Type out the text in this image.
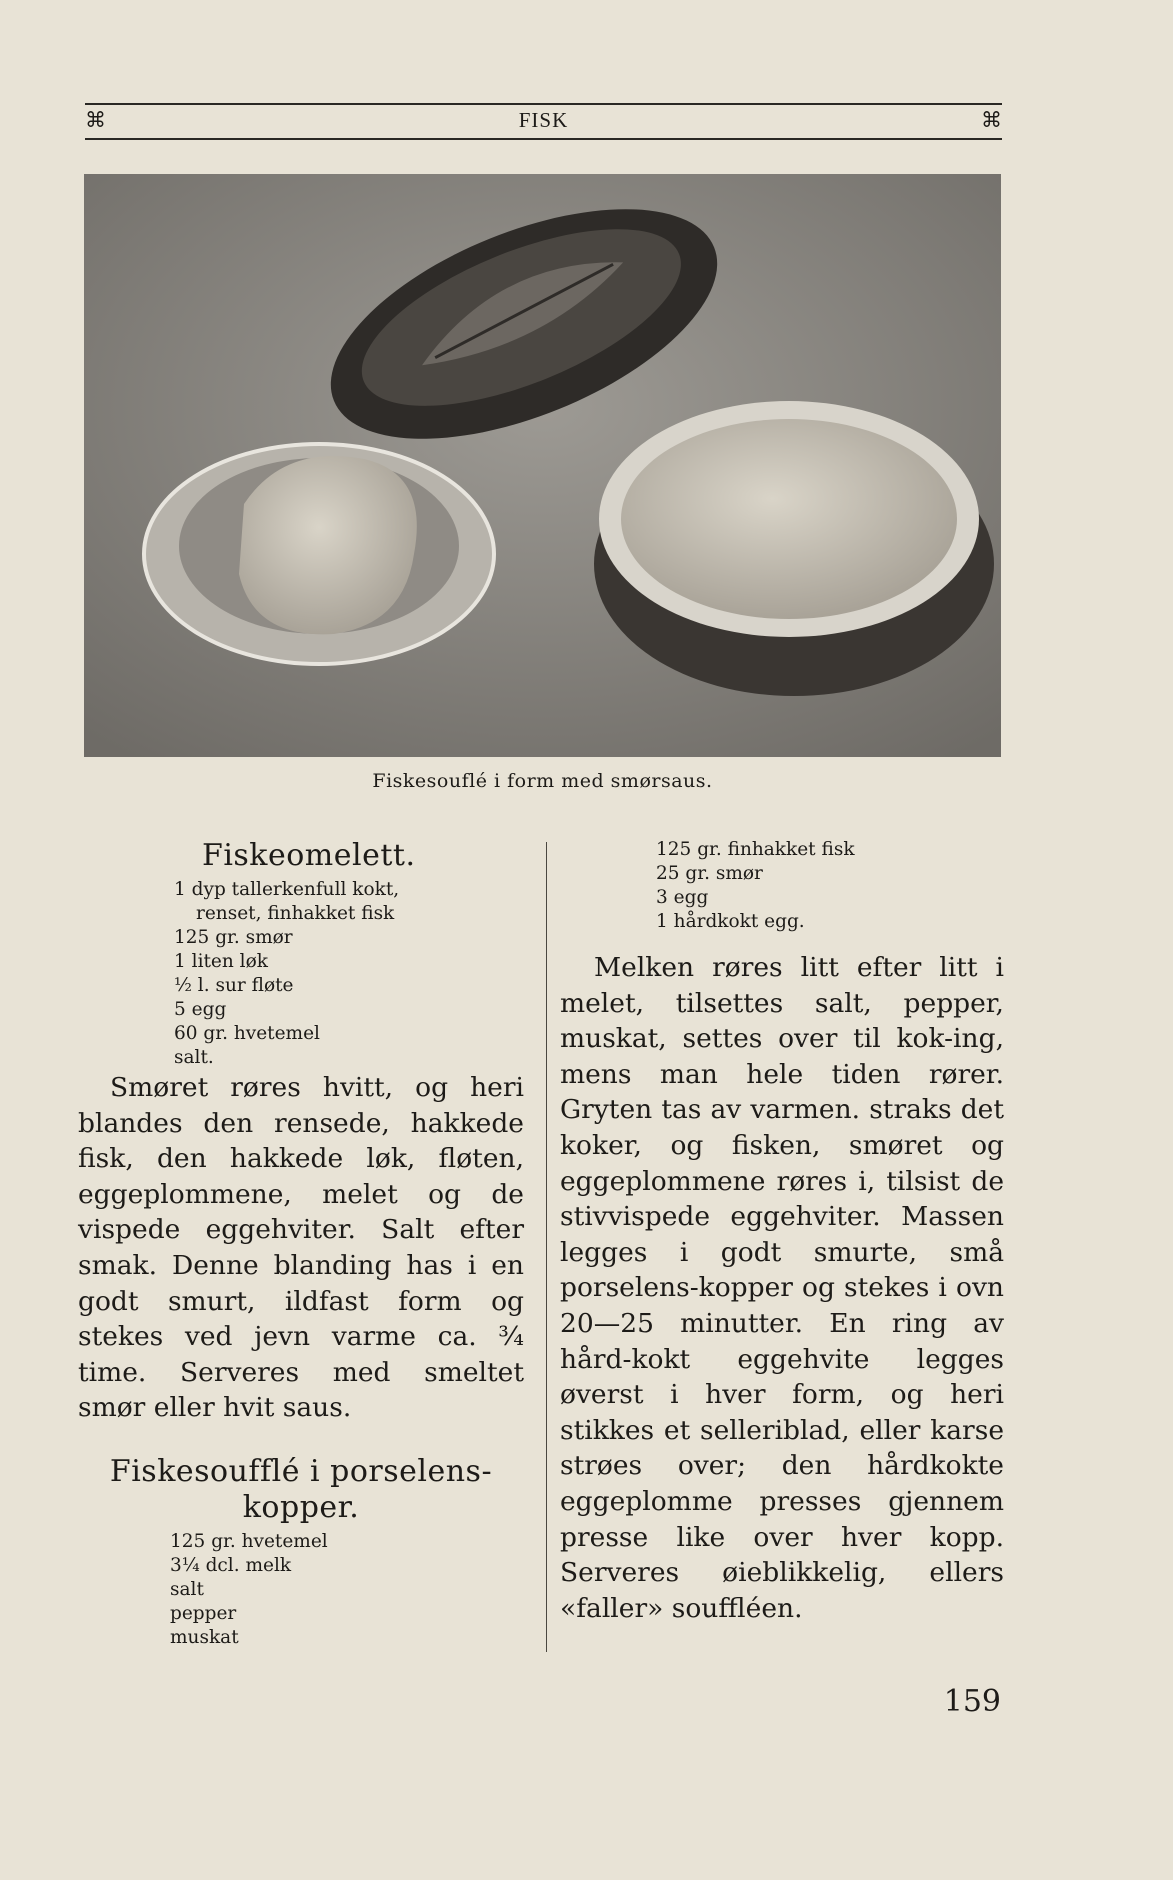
⌘	FISK	⌘
Fiskesouflé i form med smørsaus.
Fiskeomelett.
1 dyp tallerkenfull kokt, renset, finhakket fisk
125 gr. smør
1 liten løk
½ l. sur fløte
5 egg
60 gr. hvetemel
salt.

Smøret røres hvitt, og heri blandes den rensede, hakkede fisk, den hakkede løk, fløten, eggeplommene, melet og de vispede eggehviter. Salt efter smak. Denne blanding has i en godt smurt, ildfast form og stekes ved jevn varme ca. ¾ time. Serveres med smeltet smør eller hvit saus.

Fiskesoufflé i porselens-kopper.
125 gr. hvetemel
3¼ dcl. melk
salt
pepper
muskat
125 gr. finhakket fisk
25 gr. smør
3 egg
1 hårdkokt egg.

Melken røres litt efter litt i melet, tilsettes salt, pepper, muskat, settes over til kok-ing, mens man hele tiden rører. Gryten tas av varmen. straks det koker, og fisken, smøret og eggeplommene røres i, tilsist de stivvispede eggehviter. Massen legges i godt smurte, små porselens-kopper og stekes i ovn 20—25 minutter. En ring av hård-kokt eggehvite legges øverst i hver form, og heri stikkes et selleriblad, eller karse strøes over; den hårdkokte eggeplomme presses gjennem presse like over hver kopp. Serveres øieblikkelig, ellers «faller» souffléen.

159
